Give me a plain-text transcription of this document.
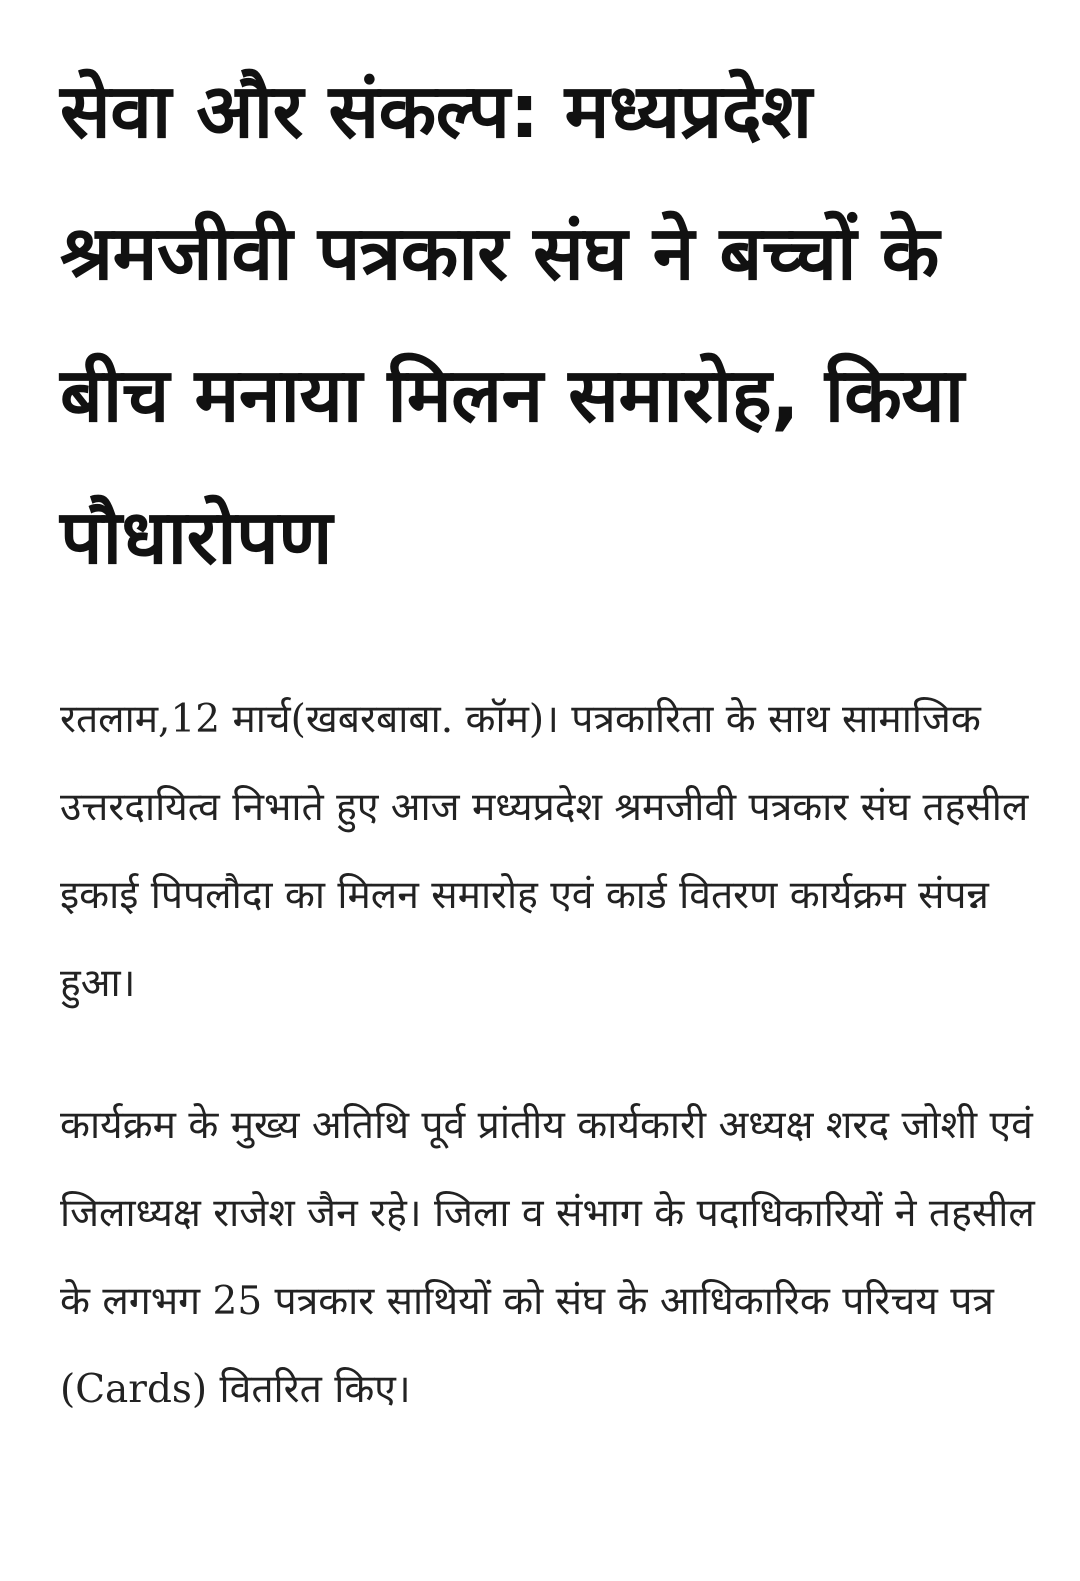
सेवा और संकल्प: मध्यप्रदेश श्रमजीवी पत्रकार संघ ने बच्चों के बीच मनाया मिलन समारोह, किया पौधारोपण

रतलाम,12 मार्च(खबरबाबा. कॉम)। पत्रकारिता के साथ सामाजिक उत्तरदायित्व निभाते हुए आज मध्यप्रदेश श्रमजीवी पत्रकार संघ तहसील इकाई पिपलौदा का मिलन समारोह एवं कार्ड वितरण कार्यक्रम संपन्न हुआ।

कार्यक्रम के मुख्य अतिथि पूर्व प्रांतीय कार्यकारी अध्यक्ष शरद जोशी एवं जिलाध्यक्ष राजेश जैन रहे। जिला व संभाग के पदाधिकारियों ने तहसील के लगभग 25 पत्रकार साथियों को संघ के आधिकारिक परिचय पत्र (Cards) वितरित किए।
